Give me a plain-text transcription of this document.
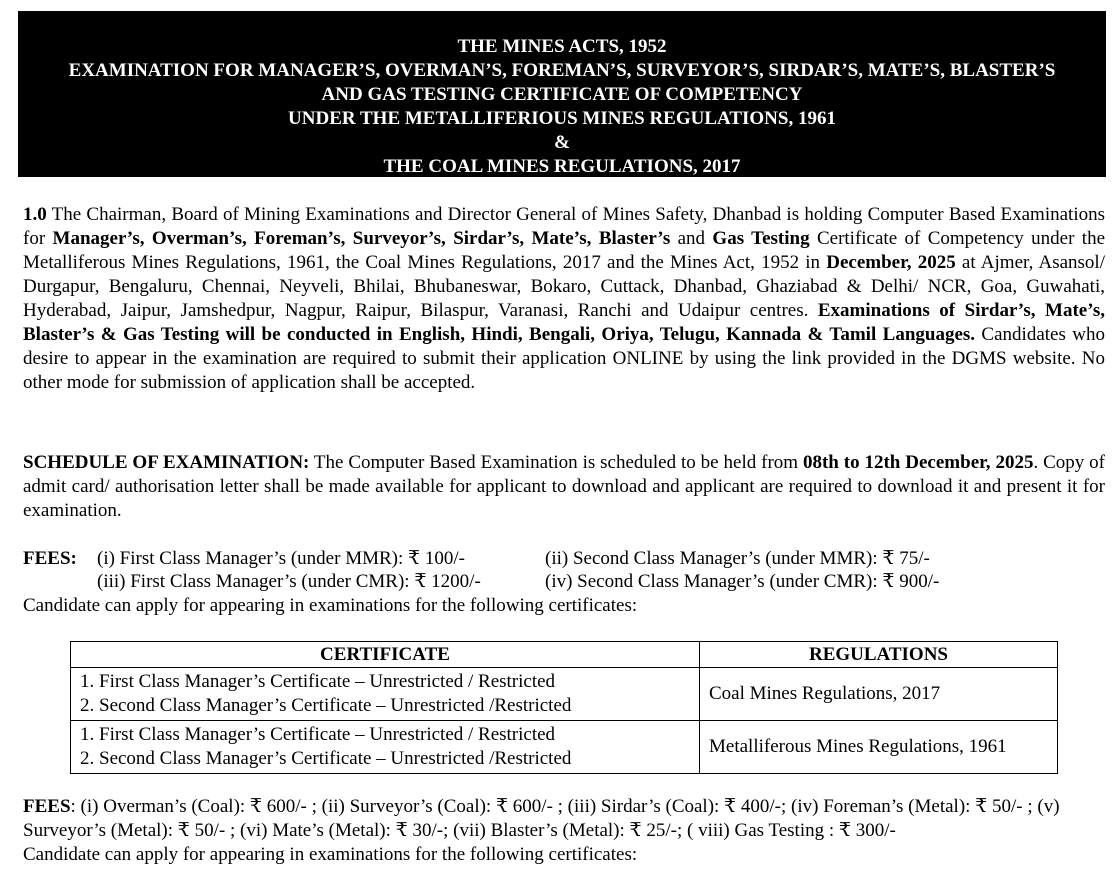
THE MINES ACTS, 1952
EXAMINATION FOR MANAGER’S, OVERMAN’S, FOREMAN’S, SURVEYOR’S, SIRDAR’S, MATE’S, BLASTER’S
AND GAS TESTING CERTIFICATE OF COMPETENCY
UNDER THE METALLIFERIOUS MINES REGULATIONS, 1961
&
THE COAL MINES REGULATIONS, 2017
1.0 The Chairman, Board of Mining Examinations and Director General of Mines Safety, Dhanbad is holding Computer Based Examinations for Manager’s, Overman’s, Foreman’s, Surveyor’s, Sirdar’s, Mate’s, Blaster’s and Gas Testing Certificate of Competency under the Metalliferous Mines Regulations, 1961, the Coal Mines Regulations, 2017 and the Mines Act, 1952 in December, 2025 at Ajmer, Asansol/ Durgapur, Bengaluru, Chennai, Neyveli, Bhilai, Bhubaneswar, Bokaro, Cuttack, Dhanbad, Ghaziabad & Delhi/ NCR, Goa, Guwahati, Hyderabad, Jaipur, Jamshedpur, Nagpur, Raipur, Bilaspur, Varanasi, Ranchi and Udaipur centres. Examinations of Sirdar’s, Mate’s, Blaster’s & Gas Testing will be conducted in English, Hindi, Bengali, Oriya, Telugu, Kannada & Tamil Languages. Candidates who desire to appear in the examination are required to submit their application ONLINE by using the link provided in the DGMS website. No other mode for submission of application shall be accepted.
SCHEDULE OF EXAMINATION: The Computer Based Examination is scheduled to be held from 08th to 12th December, 2025. Copy of admit card/ authorisation letter shall be made available for applicant to download and applicant are required to download it and present it for examination.
FEES: (i) First Class Manager’s (under MMR): ₹ 100/-	(ii) Second Class Manager’s (under MMR): ₹ 75/-
(iii) First Class Manager’s (under CMR): ₹ 1200/-	(iv) Second Class Manager’s (under CMR): ₹ 900/-
Candidate can apply for appearing in examinations for the following certificates:
CERTIFICATE	REGULATIONS

1. First Class Manager’s Certificate – Unrestricted / Restricted
2. Second Class Manager’s Certificate – Unrestricted /Restricted	Coal Mines Regulations, 2017

1. First Class Manager’s Certificate – Unrestricted / Restricted
2. Second Class Manager’s Certificate – Unrestricted /Restricted	Metalliferous Mines Regulations, 1961
FEES: (i) Overman’s (Coal): ₹ 600/- ; (ii) Surveyor’s (Coal): ₹ 600/- ; (iii) Sirdar’s (Coal): ₹ 400/-; (iv) Foreman’s (Metal): ₹ 50/- ; (v) Surveyor’s (Metal): ₹ 50/- ; (vi) Mate’s (Metal): ₹ 30/-; (vii) Blaster’s (Metal): ₹ 25/-; ( viii) Gas Testing : ₹ 300/-
Candidate can apply for appearing in examinations for the following certificates:
